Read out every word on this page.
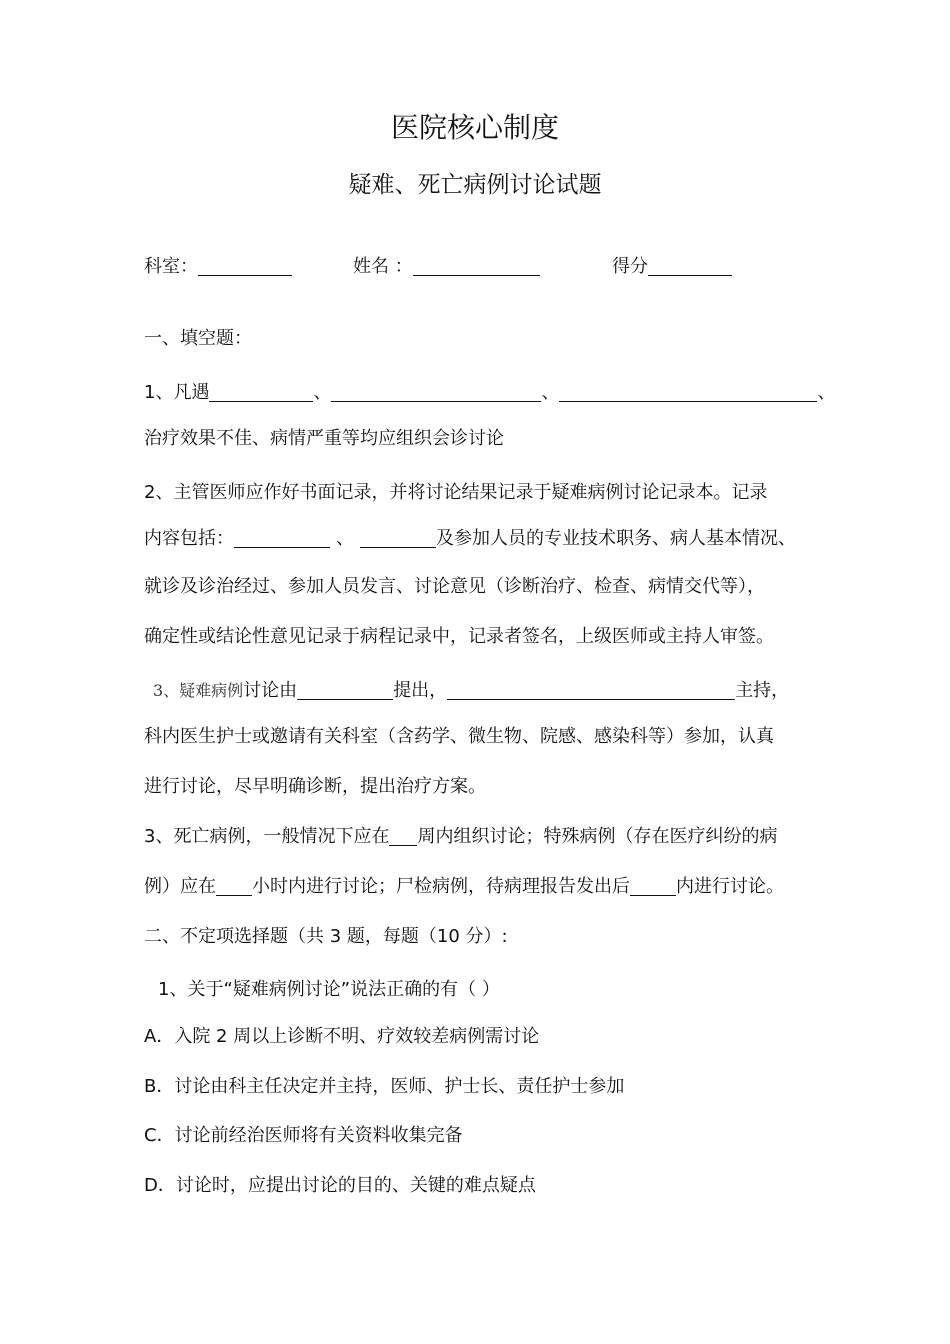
医院核心制度
疑难、死亡病例讨论试题
科室：	姓名 ：	得分
一、填空题：
1、凡遇	、	、	、
治疗效果不佳、病情严重等均应组织会诊讨论
2、主管医师应作好书面记录，并将讨论结果记录于疑难病例讨论记录本。记录
内容包括：	、	及参加人员的专业技术职务、病人基本情况、
就诊及诊治经过、参加人员发言、讨论意见（诊断治疗、检查、病情交代等），
确定性或结论性意见记录于病程记录中，记录者签名，上级医师或主持人审签。
3、疑难病例讨论由	提出，	主持，
科内医生护士或邀请有关科室（含药学、微生物、院感、感染科等）参加，认真
进行讨论，尽早明确诊断，提出治疗方案。
3、死亡病例，一般情况下应在 周内组织讨论；特殊病例（存在医疗纠纷的病
例）应在 小时内进行讨论；尸检病例，待病理报告发出后	内进行讨论。
二、不定项选择题（共 3 题，每题（10 分）:
1、关于“疑难病例讨论”说法正确的有（ ）
A．入院 2 周以上诊断不明、疗效较差病例需讨论
B．讨论由科主任决定并主持，医师、护士长、责任护士参加
C．讨论前经治医师将有关资料收集完备
D．讨论时，应提出讨论的目的、关键的难点疑点
